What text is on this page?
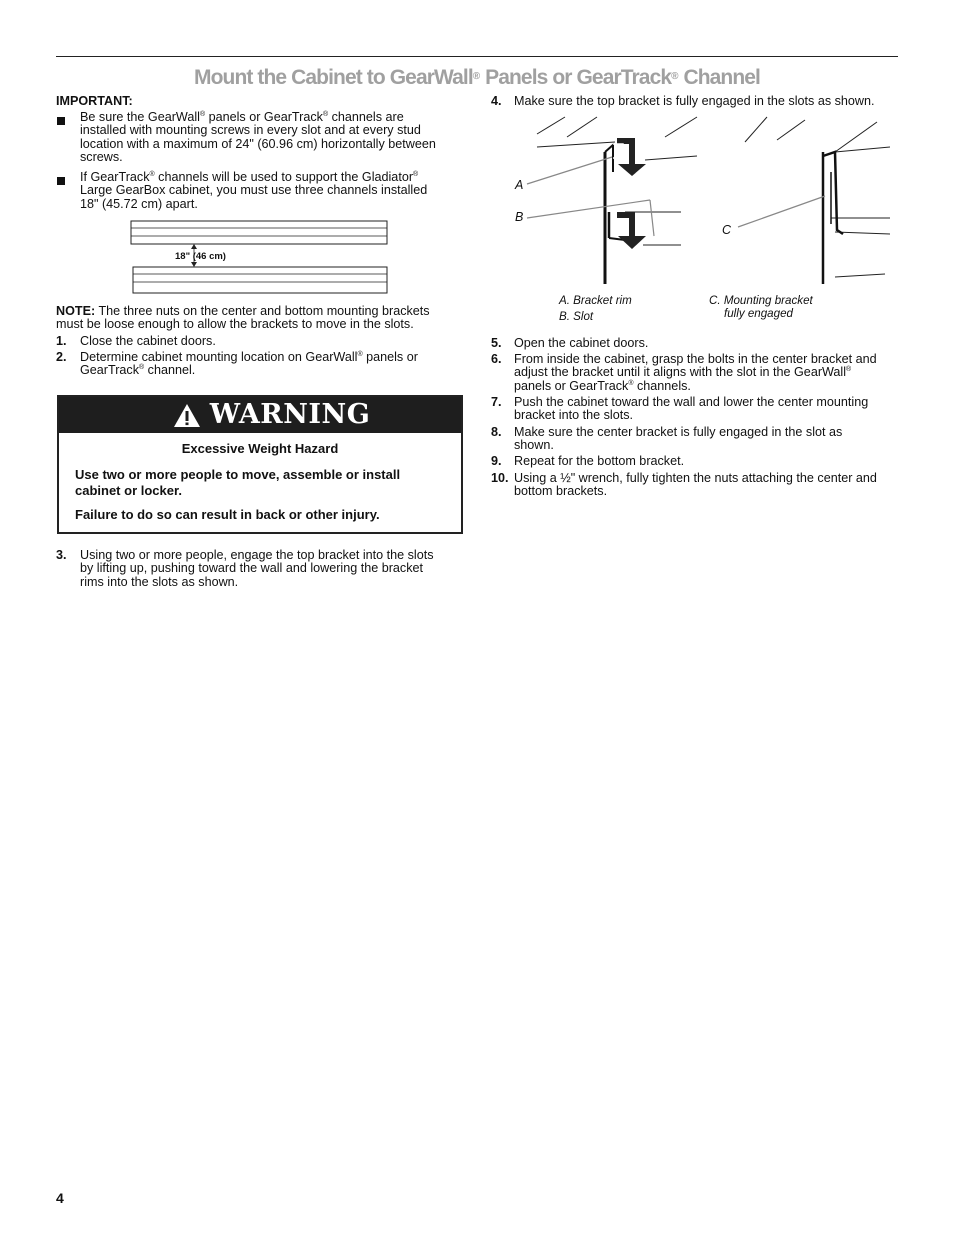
Mount the Cabinet to GearWall® Panels or GearTrack® Channel
IMPORTANT:
Be sure the GearWall® panels or GearTrack® channels are
installed with mounting screws in every slot and at every stud
location with a maximum of 24" (60.96 cm) horizontally between
screws.
If GearTrack® channels will be used to support the Gladiator®
Large GearBox cabinet, you must use three channels installed
18" (45.72 cm) apart.
18" (46 cm)
NOTE: The three nuts on the center and bottom mounting brackets
must be loose enough to allow the brackets to move in the slots.
1. Close the cabinet doors.
2. Determine cabinet mounting location on GearWall® panels or
GearTrack® channel.
WARNING
Excessive Weight Hazard
Use two or more people to move, assemble or install
cabinet or locker.
Failure to do so can result in back or other injury.
3. Using two or more people, engage the top bracket into the slots
by lifting up, pushing toward the wall and lowering the bracket
rims into the slots as shown.
4. Make sure the top bracket is fully engaged in the slots as shown.
A
B
C
A. Bracket rim
B. Slot
C. Mounting bracket
fully engaged
5. Open the cabinet doors.
6. From inside the cabinet, grasp the bolts in the center bracket and
adjust the bracket until it aligns with the slot in the GearWall®
panels or GearTrack® channels.
7. Push the cabinet toward the wall and lower the center mounting
bracket into the slots.
8. Make sure the center bracket is fully engaged in the slot as
shown.
9. Repeat for the bottom bracket.
10. Using a ½" wrench, fully tighten the nuts attaching the center and
bottom brackets.
4
